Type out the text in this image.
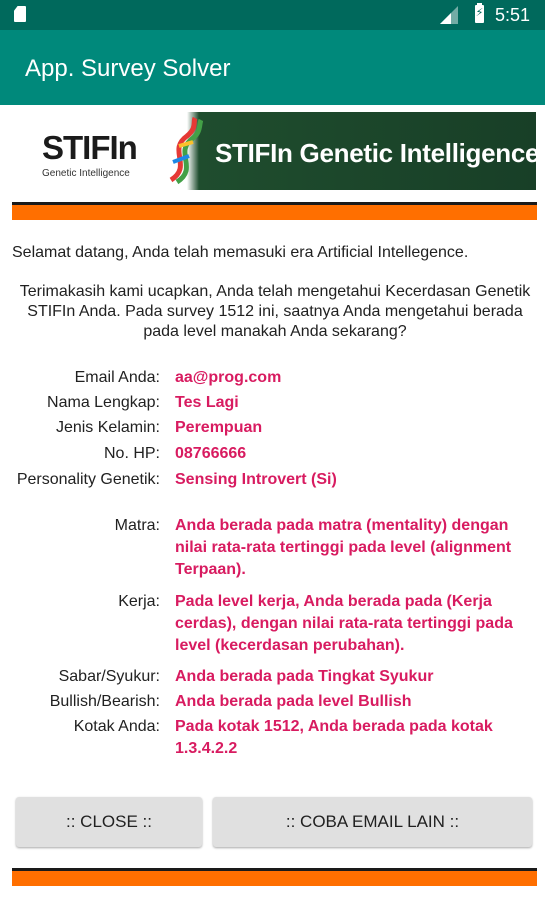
⚡
5:51
App. Survey Solver
STIFIn
Genetic Intelligence
STIFIn Genetic Intelligence
Selamat datang, Anda telah memasuki era Artificial Intellegence.
Terimakasih kami ucapkan, Anda telah mengetahui Kecerdasan Genetik STIFIn Anda. Pada survey 1512 ini, saatnya Anda mengetahui berada pada level manakah Anda sekarang?
Email Anda: aa@prog.com
Nama Lengkap: Tes Lagi
Jenis Kelamin: Perempuan
No. HP: 08766666
Personality Genetik: Sensing Introvert (Si)
Matra: Anda berada pada matra (mentality) dengan nilai rata-rata tertinggi pada level (alignment Terpaan).
Kerja: Pada level kerja, Anda berada pada (Kerja cerdas), dengan nilai rata-rata tertinggi pada level (kecerdasan perubahan).
Sabar/Syukur: Anda berada pada Tingkat Syukur
Bullish/Bearish: Anda berada pada level Bullish
Kotak Anda: Pada kotak 1512, Anda berada pada kotak 1.3.4.2.2
:: CLOSE ::	:: COBA EMAIL LAIN ::
